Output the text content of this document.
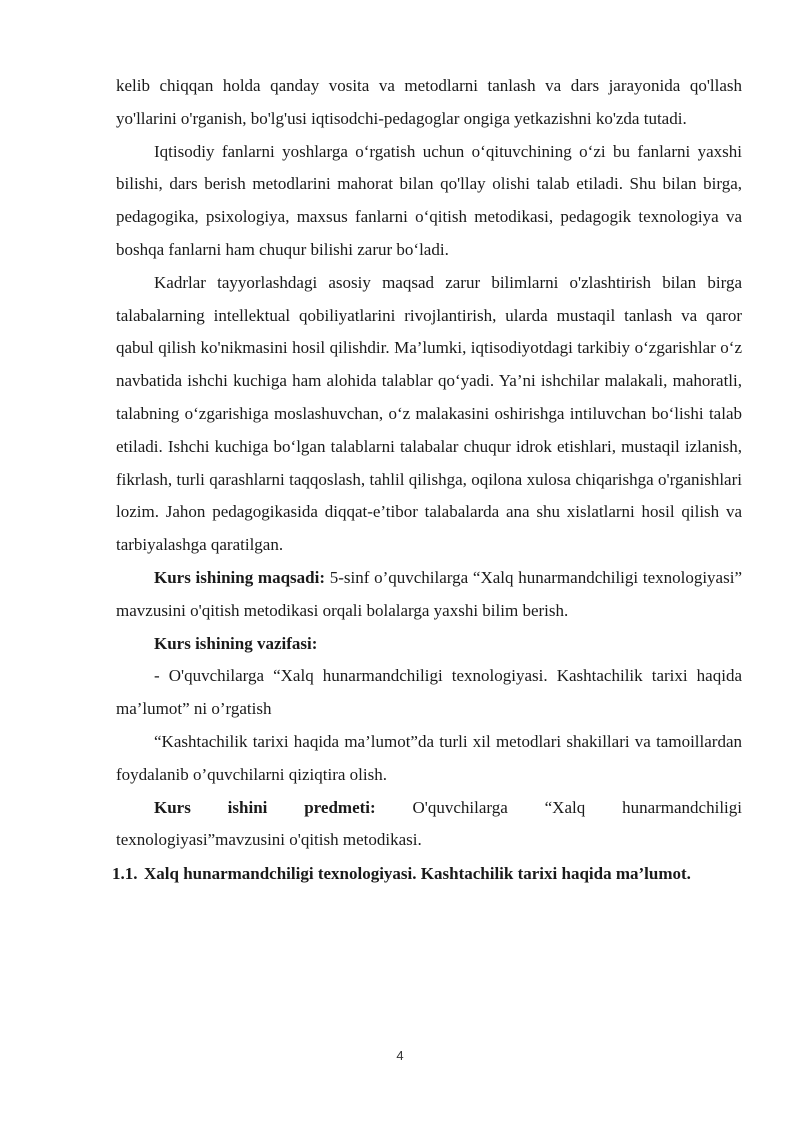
kelib chiqqan holda qanday vosita va metodlarni tanlash va dars jarayonida qo'llash yo'llarini o'rganish, bo'lg'usi iqtisodchi-pedagoglar ongiga yetkazishni ko'zda tutadi.

Iqtisodiy fanlarni yoshlarga o‘rgatish uchun o‘qituvchining o‘zi bu fanlarni yaxshi bilishi, dars berish metodlarini mahorat bilan qo'llay olishi talab etiladi. Shu bilan birga, pedagogika, psixologiya, maxsus fanlarni o‘qitish metodikasi, pedagogik texnologiya va boshqa fanlarni ham chuqur bilishi zarur bo‘ladi.

Kadrlar tayyorlashdagi asosiy maqsad zarur bilimlarni o'zlashtirish bilan birga talabalarning intellektual qobiliyatlarini rivojlantirish, ularda mustaqil tanlash va qaror qabul qilish ko'nikmasini hosil qilishdir. Ma’lumki, iqtisodiyotdagi tarkibiy o‘zgarishlar o‘z navbatida ishchi kuchiga ham alohida talablar qo‘yadi. Ya’ni ishchilar malakali, mahoratli, talabning o‘zgarishiga moslashuvchan, o‘z malakasini oshirishga intiluvchan bo‘lishi talab etiladi. Ishchi kuchiga bo‘lgan talablarni talabalar chuqur idrok etishlari, mustaqil izlanish, fikrlash, turli qarashlarni taqqoslash, tahlil qilishga, oqilona xulosa chiqarishga o'rganishlari lozim. Jahon pedagogikasida diqqat-e’tibor talabalarda ana shu xislatlarni hosil qilish va tarbiyalashga qaratilgan.

Kurs ishining maqsadi: 5-sinf o’quvchilarga “Xalq hunarmandchiligi texnologiyasi” mavzusini o'qitish metodikasi orqali bolalarga yaxshi bilim berish.

Kurs ishining vazifasi:

- O'quvchilarga “Xalq hunarmandchiligi texnologiyasi. Kashtachilik tarixi haqida ma’lumot” ni o’rgatish

“Kashtachilik tarixi haqida ma’lumot”da turli xil metodlari shakillari va tamoillardan foydalanib o’quvchilarni qiziqtira olish.

Kurs ishini predmeti: O'quvchilarga “Xalq hunarmandchiligi texnologiyasi”mavzusini o'qitish metodikasi.

1.1. Xalq hunarmandchiligi texnologiyasi. Kashtachilik tarixi haqida ma’lumot.
4
